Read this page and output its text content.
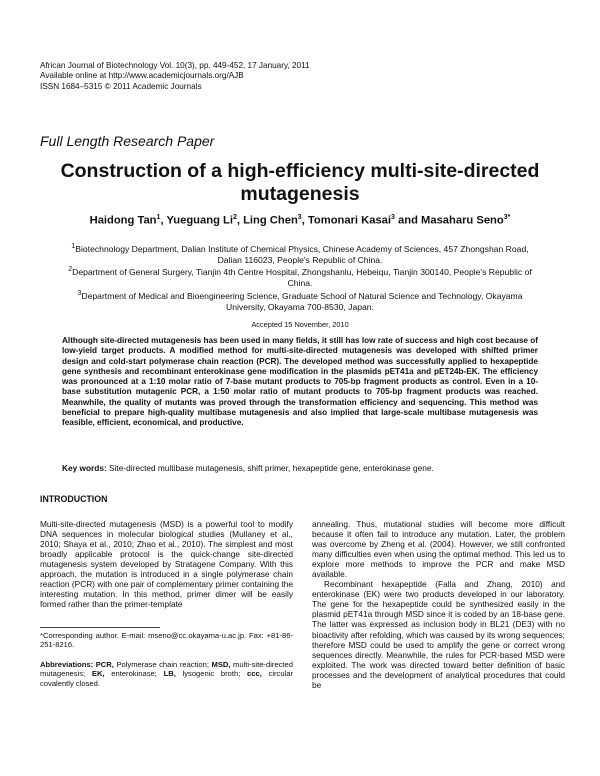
African Journal of Biotechnology Vol. 10(3), pp. 449-452, 17 January, 2011
Available online at http://www.academicjournals.org/AJB
ISSN 1684–5315 © 2011 Academic Journals
Full Length Research Paper
Construction of a high-efficiency multi-site-directed
mutagenesis
Haidong Tan$^1$, Yueguang Li$^2$, Ling Chen$^3$, Tomonari Kasai$^3$ and Masaharu Seno$^{3*}$
$^1$Biotechnology Department, Dalian Institute of Chemical Physics, Chinese Academy of Sciences, 457 Zhongshan Road,
Dalian 116023, People's Republic of China.
$^2$Department of General Surgery, Tianjin 4th Centre Hospital, Zhongshanlu, Hebeiqu, Tianjin 300140, People's Republic of
China.
$^3$Department of Medical and Bioengineering Science, Graduate School of Natural Science and Technology, Okayama
University, Okayama 700-8530, Japan.
Accepted 15 November, 2010
Although site-directed mutagenesis has been used in many fields, it still has low rate of success and high cost because of low-yield target products. A modified method for multi-site-directed mutagenesis was developed with shifted primer design and cold-start polymerase chain reaction (PCR). The developed method was successfully applied to hexapeptide gene synthesis and recombinant enterokinase gene modification in the plasmids pET41a and pET24b-EK. The efficiency was pronounced at a 1:10 molar ratio of 7-base mutant products to 705-bp fragment products as control. Even in a 10-base substitution mutagenic PCR, a 1:50 molar ratio of mutant products to 705-bp fragment products was reached. Meanwhile, the quality of mutants was proved through the transformation efficiency and sequencing. This method was beneficial to prepare high-quality multibase mutagenesis and also implied that large-scale multibase mutagenesis was feasible, efficient, economical, and productive.
Key words: Site-directed multibase mutagenesis, shift primer, hexapeptide gene, enterokinase gene.
INTRODUCTION

Multi-site-directed mutagenesis (MSD) is a powerful tool to modify DNA sequences in molecular biological studies (Mullaney et al., 2010; Shaya et al., 2010; Zhao et al., 2010). The simplest and most broadly applicable protocol is the quick-change site-directed mutagenesis system developed by Stratagene Company. With this approach, the mutation is introduced in a single polymerase chain reaction (PCR) with one pair of complementary primer containing the interesting mutation. In this method, primer dimer will be easily formed rather than the primer-template

annealing. Thus, mutational studies will become more difficult because it often fail to introduce any mutation. Later, the problem was overcome by Zheng et al. (2004). However, we still confronted many difficulties even when using the optimal method. This led us to explore more methods to improve the PCR and make MSD available.

Recombinant hexapeptide (Falla and Zhang, 2010) and enterokinase (EK) were two products developed in our laboratory. The gene for the hexapeptide could be synthesized easily in the plasmid pET41a through MSD since it is coded by an 18-base gene. The latter was expressed as inclusion body in BL21 (DE3) with no bioactivity after refolding, which was caused by its wrong sequences; therefore MSD could be used to amplify the gene or correct wrong sequences directly. Meanwhile, the rules for PCR-based MSD were exploited. The work was directed toward better definition of basic processes and the development of analytical procedures that could be

*Corresponding author. E-mail: mseno@cc.okayama-u.ac.jp. Fax: +81-86-251-8216.
Abbreviations: PCR, Polymerase chain reaction; MSD, multi-site-directed mutagenesis; EK, enterokinase; LB, lysogenic broth; ccc, circular covalently closed.
